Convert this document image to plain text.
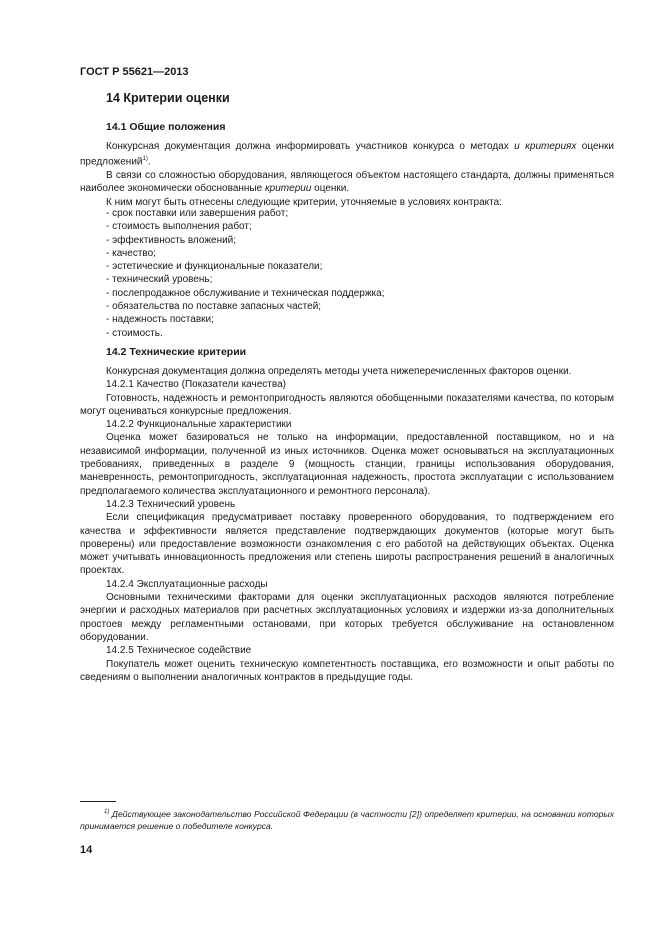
ГОСТ Р 55621—2013
14 Критерии оценки
14.1 Общие положения

Конкурсная документация должна информировать участников конкурса о методах и критериях оценки предложений$^{1)}$.

В связи со сложностью оборудования, являющегося объектом настоящего стандарта, должны применяться наиболее экономически обоснованные критерии оценки.

К ним могут быть отнесены следующие критерии, уточняемые в условиях контракта:

- срок поставки или завершения работ;
- стоимость выполнения работ;
- эффективность вложений;
- качество;
- эстетические и функциональные показатели;
- технический уровень;
- послепродажное обслуживание и техническая поддержка;
- обязательства по поставке запасных частей;
- надежность поставки;
- стоимость.
14.2 Технические критерии

Конкурсная документация должна определять методы учета нижеперечисленных факторов оценки.

14.2.1 Качество (Показатели качества)

Готовность, надежность и ремонтопригодность являются обобщенными показателями качества, по которым могут оцениваться конкурсные предложения.

14.2.2 Функциональные характеристики

Оценка может базироваться не только на информации, предоставленной поставщиком, но и на независимой информации, полученной из иных источников. Оценка может основываться на эксплуатационных требованиях, приведенных в разделе 9 (мощность станции, границы использования оборудования, маневренность, ремонтопригодность, эксплуатационная надежность, простота эксплуатации с использованием предполагаемого количества эксплуатационного и ремонтного персонала).

14.2.3 Технический уровень

Если спецификация предусматривает поставку проверенного оборудования, то подтверждением его качества и эффективности является представление подтверждающих документов (которые могут быть проверены) или предоставление возможности ознакомления с его работой на действующих объектах. Оценка может учитывать инновационность предложения или степень широты распространения решений в аналогичных проектах.

14.2.4 Эксплуатационные расходы

Основными техническими факторами для оценки эксплуатационных расходов являются потребление энергии и расходных материалов при расчетных эксплуатационных условиях и издержки из-за дополнительных простоев между регламентными остановами, при которых требуется обслуживание на остановленном оборудовании.

14.2.5 Техническое содействие

Покупатель может оценить техническую компетентность поставщика, его возможности и опыт работы по сведениям о выполнении аналогичных контрактов в предыдущие годы.

$^{1)}$ Действующее законодательство Российской Федерации (в частности [2]) определяет критерии, на основании которых принимается решение о победителе конкурса.

14
